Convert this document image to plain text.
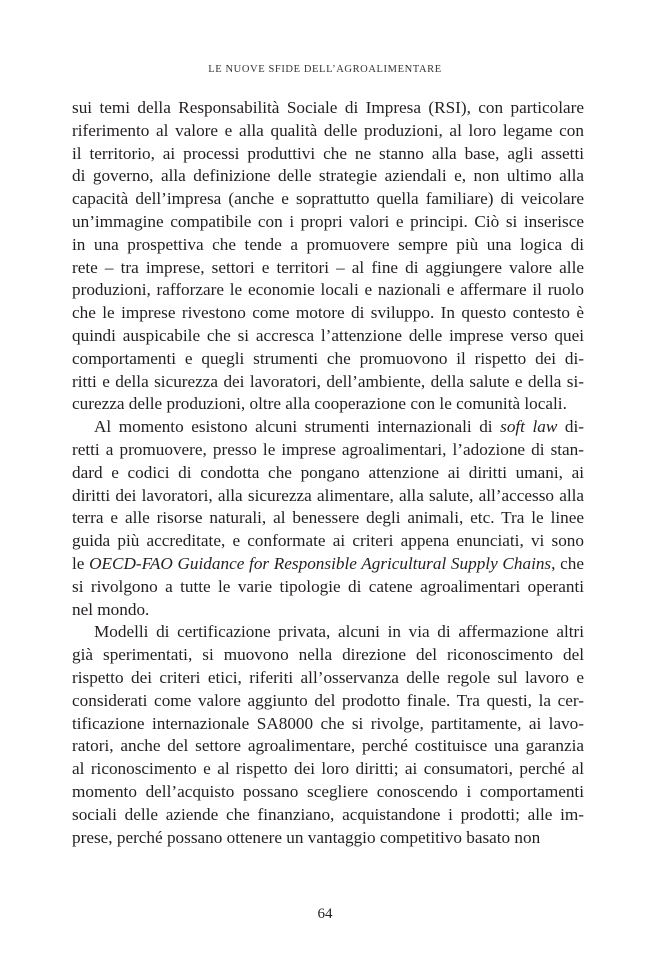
LE NUOVE SFIDE DELL’AGROALIMENTARE
sui temi della Responsabilità Sociale di Impresa (RSI), con particolare
riferimento al valore e alla qualità delle produzioni, al loro legame con
il territorio, ai processi produttivi che ne stanno alla base, agli assetti
di governo, alla definizione delle strategie aziendali e, non ultimo alla
capacità dell’impresa (anche e soprattutto quella familiare) di veicolare
un’immagine compatibile con i propri valori e principi. Ciò si inserisce
in una prospettiva che tende a promuovere sempre più una logica di
rete – tra imprese, settori e territori – al fine di aggiungere valore alle
produzioni, rafforzare le economie locali e nazionali e affermare il ruolo
che le imprese rivestono come motore di sviluppo. In questo contesto è
quindi auspicabile che si accresca l’attenzione delle imprese verso quei
comportamenti e quegli strumenti che promuovono il rispetto dei di-
ritti e della sicurezza dei lavoratori, dell’ambiente, della salute e della si-
curezza delle produzioni, oltre alla cooperazione con le comunità locali.
Al momento esistono alcuni strumenti internazionali di soft law di-
retti a promuovere, presso le imprese agroalimentari, l’adozione di stan-
dard e codici di condotta che pongano attenzione ai diritti umani, ai
diritti dei lavoratori, alla sicurezza alimentare, alla salute, all’accesso alla
terra e alle risorse naturali, al benessere degli animali, etc. Tra le linee
guida più accreditate, e conformate ai criteri appena enunciati, vi sono
le OECD-FAO Guidance for Responsible Agricultural Supply Chains, che
si rivolgono a tutte le varie tipologie di catene agroalimentari operanti
nel mondo.
Modelli di certificazione privata, alcuni in via di affermazione altri
già sperimentati, si muovono nella direzione del riconoscimento del
rispetto dei criteri etici, riferiti all’osservanza delle regole sul lavoro e
considerati come valore aggiunto del prodotto finale. Tra questi, la cer-
tificazione internazionale SA8000 che si rivolge, partitamente, ai lavo-
ratori, anche del settore agroalimentare, perché costituisce una garanzia
al riconoscimento e al rispetto dei loro diritti; ai consumatori, perché al
momento dell’acquisto possano scegliere conoscendo i comportamenti
sociali delle aziende che finanziano, acquistandone i prodotti; alle im-
prese, perché possano ottenere un vantaggio competitivo basato non
64
